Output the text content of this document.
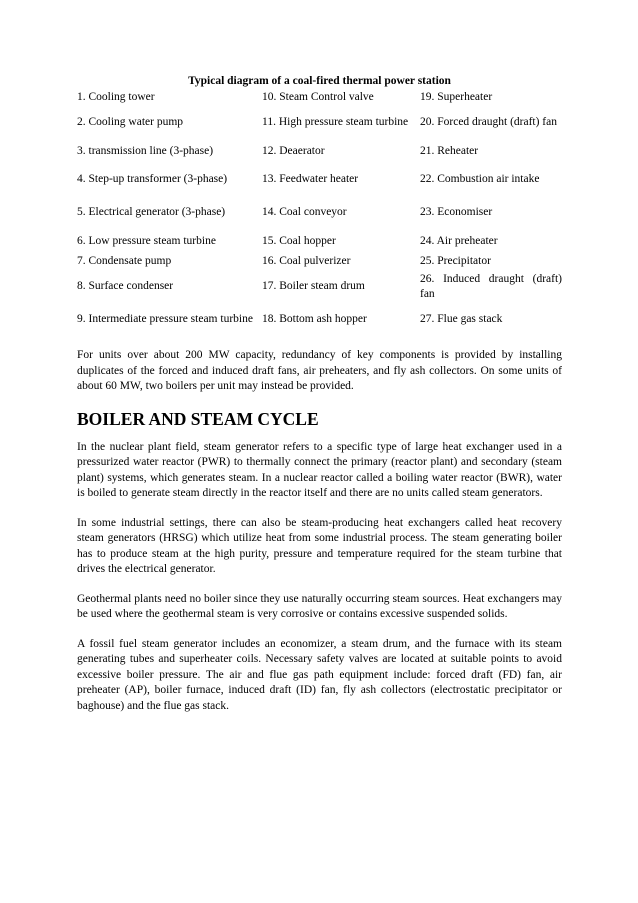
Typical diagram of a coal-fired thermal power station
1. Cooling tower	10. Steam Control valve	19. Superheater
2. Cooling water pump	11. High pressure steam turbine	20. Forced draught (draft) fan
3. transmission line (3-phase)	12. Deaerator	21. Reheater
4. Step-up transformer (3-phase)	13. Feedwater heater	22. Combustion air intake
5. Electrical generator (3-phase)	14. Coal conveyor	23. Economiser
6. Low pressure steam turbine	15. Coal hopper	24. Air preheater
7. Condensate pump	16. Coal pulverizer	25. Precipitator
8. Surface condenser	17. Boiler steam drum	26. Induced draught (draft) fan
9. Intermediate pressure steam turbine	18. Bottom ash hopper	27. Flue gas stack

For units over about 200 MW capacity, redundancy of key components is provided by installing duplicates of the forced and induced draft fans, air preheaters, and fly ash collectors. On some units of about 60 MW, two boilers per unit may instead be provided.

BOILER AND STEAM CYCLE

In the nuclear plant field, steam generator refers to a specific type of large heat exchanger used in a pressurized water reactor (PWR) to thermally connect the primary (reactor plant) and secondary (steam plant) systems, which generates steam. In a nuclear reactor called a boiling water reactor (BWR), water is boiled to generate steam directly in the reactor itself and there are no units called steam generators.

In some industrial settings, there can also be steam-producing heat exchangers called heat recovery steam generators (HRSG) which utilize heat from some industrial process. The steam generating boiler has to produce steam at the high purity, pressure and temperature required for the steam turbine that drives the electrical generator.

Geothermal plants need no boiler since they use naturally occurring steam sources. Heat exchangers may be used where the geothermal steam is very corrosive or contains excessive suspended solids.

A fossil fuel steam generator includes an economizer, a steam drum, and the furnace with its steam generating tubes and superheater coils. Necessary safety valves are located at suitable points to avoid excessive boiler pressure. The air and flue gas path equipment include: forced draft (FD) fan, air preheater (AP), boiler furnace, induced draft (ID) fan, fly ash collectors (electrostatic precipitator or baghouse) and the flue gas stack.
